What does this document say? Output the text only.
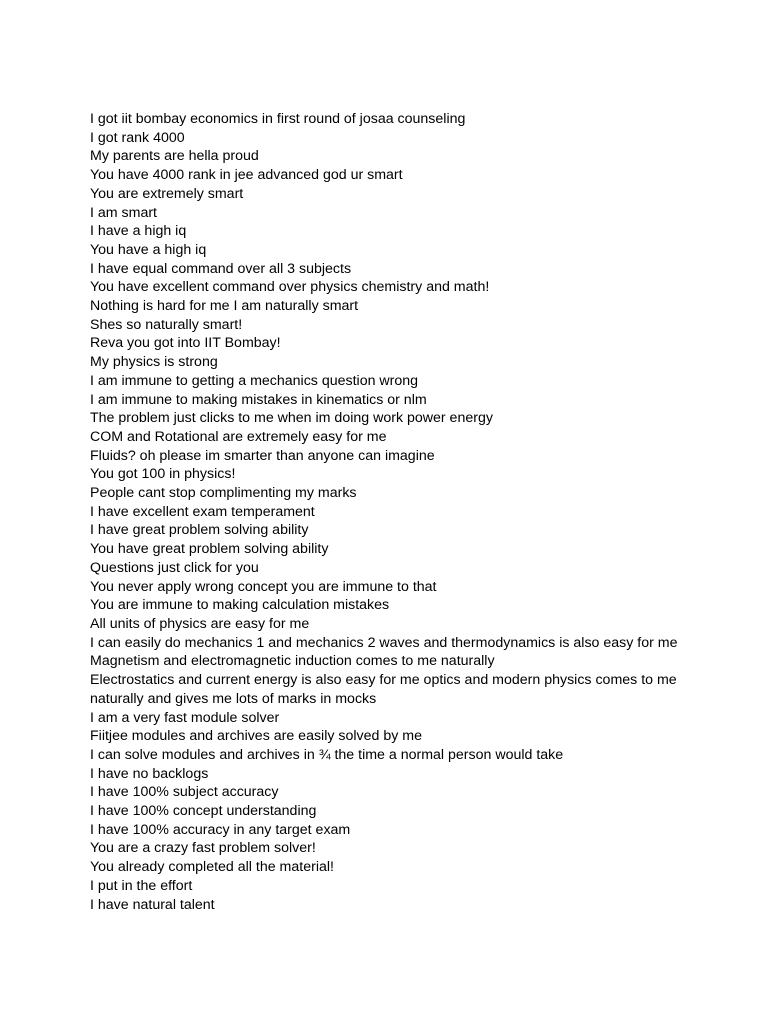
I got iit bombay economics in first round of josaa counseling
I got rank 4000
My parents are hella proud
You have 4000 rank in jee advanced god ur smart
You are extremely smart
I am smart
I have a high iq
You have a high iq
I have equal command over all 3 subjects
You have excellent command over physics chemistry and math!
Nothing is hard for me I am naturally smart
Shes so naturally smart!
Reva you got into IIT Bombay!
My physics is strong
I am immune to getting a mechanics question wrong
I am immune to making mistakes in kinematics or nlm
The problem just clicks to me when im doing work power energy
COM and Rotational are extremely easy for me
Fluids? oh please im smarter than anyone can imagine
You got 100 in physics!
People cant stop complimenting my marks
I have excellent exam temperament
I have great problem solving ability
You have great problem solving ability
Questions just click for you
You never apply wrong concept you are immune to that
You are immune to making calculation mistakes
All units of physics are easy for me
I can easily do mechanics 1 and mechanics 2 waves and thermodynamics is also easy for me
Magnetism and electromagnetic induction comes to me naturally
Electrostatics and current energy is also easy for me optics and modern physics comes to me
naturally and gives me lots of marks in mocks
I am a very fast module solver
Fiitjee modules and archives are easily solved by me
I can solve modules and archives in ¾ the time a normal person would take
I have no backlogs
I have 100% subject accuracy
I have 100% concept understanding
I have 100% accuracy in any target exam
You are a crazy fast problem solver!
You already completed all the material!
I put in the effort
I have natural talent
